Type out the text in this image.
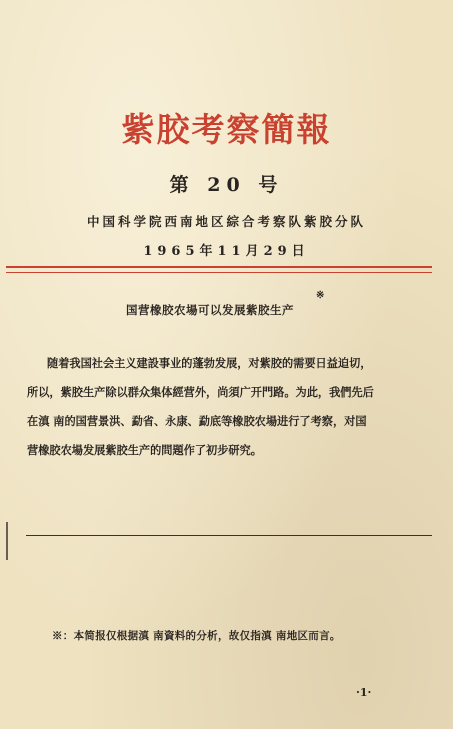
紫胶考察簡報
第 20 号
中国科学院西南地区綜合考察队紫胶分队
1965年11月29日
国营橡胶农場可以发展紫胶生产
※
随着我国社会主义建設事业的蓬勃发展，对紫胶的需要日益迫切，
所以，紫胶生产除以群众集体經营外，尚須广开門路。为此，我們先后
在滇 南的国营景洪、勐省、永康、勐底等橡胶农場进行了考察，对国
营橡胶农場发展紫胶生产的問題作了初步研究。
※：本简报仅根据滇 南資料的分析，故仅指滇 南地区而言。
·1·
